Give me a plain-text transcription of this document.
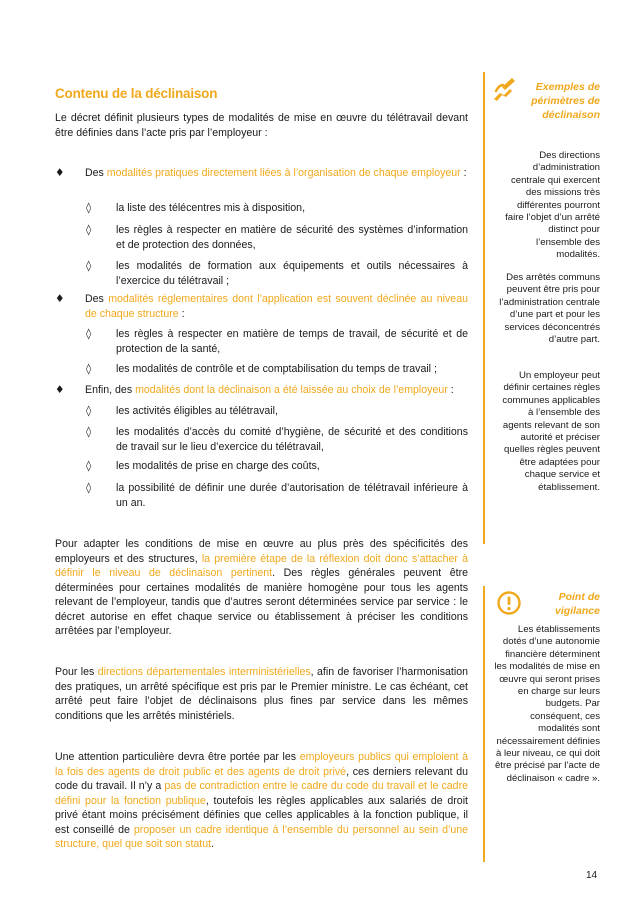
Contenu de la déclinaison
Le décret définit plusieurs types de modalités de mise en œuvre du télétravail devant être définies dans l’acte pris par l’employeur :
♦ Des modalités pratiques directement liées à l’organisation de chaque employeur :
◊ la liste des télécentres mis à disposition,
◊ les règles à respecter en matière de sécurité des systèmes d’information et de protection des données,
◊ les modalités de formation aux équipements et outils nécessaires à l’exercice du télétravail ;
♦ Des modalités réglementaires dont l’application est souvent déclinée au niveau de chaque structure :
◊ les règles à respecter en matière de temps de travail, de sécurité et de protection de la santé,
◊ les modalités de contrôle et de comptabilisation du temps de travail ;
♦ Enfin, des modalités dont la déclinaison a été laissée au choix de l’employeur :
◊ les activités éligibles au télétravail,
◊ les modalités d’accès du comité d’hygiène, de sécurité et des conditions de travail sur le lieu d’exercice du télétravail,
◊ les modalités de prise en charge des coûts,
◊ la possibilité de définir une durée d’autorisation de télétravail inférieure à un an.
Pour adapter les conditions de mise en œuvre au plus près des spécificités des employeurs et des structures, la première étape de la réflexion doit donc s’attacher à définir le niveau de déclinaison pertinent. Des règles générales peuvent être déterminées pour certaines modalités de manière homogène pour tous les agents relevant de l’employeur, tandis que d’autres seront déterminées service par service : le décret autorise en effet chaque service ou établissement à préciser les conditions arrêtées par l’employeur.
Pour les directions départementales interministérielles, afin de favoriser l’harmonisation des pratiques, un arrêté spécifique est pris par le Premier ministre. Le cas échéant, cet arrêté peut faire l’objet de déclinaisons plus fines par service dans les mêmes conditions que les arrêtés ministériels.
Une attention particulière devra être portée par les employeurs publics qui emploient à la fois des agents de droit public et des agents de droit privé, ces derniers relevant du code du travail. Il n’y a pas de contradiction entre le cadre du code du travail et le cadre défini pour la fonction publique, toutefois les règles applicables aux salariés de droit privé étant moins précisément définies que celles applicables à la fonction publique, il est conseillé de proposer un cadre identique à l’ensemble du personnel au sein d’une structure, quel que soit son statut.
Exemples de périmètres de déclinaison
Des directions d’administration centrale qui exercent des missions très différentes pourront faire l’objet d’un arrêté distinct pour l’ensemble des modalités.
Des arrêtés communs peuvent être pris pour l’administration centrale d’une part et pour les services déconcentrés d’autre part.
Un employeur peut définir certaines règles communes applicables à l’ensemble des agents relevant de son autorité et préciser quelles règles peuvent être adaptées pour chaque service et établissement.
Point de vigilance
Les établissements dotés d’une autonomie financière déterminent les modalités de mise en œuvre qui seront prises en charge sur leurs budgets. Par conséquent, ces modalités sont nécessairement définies à leur niveau, ce qui doit être précisé par l’acte de déclinaison « cadre ».
14
